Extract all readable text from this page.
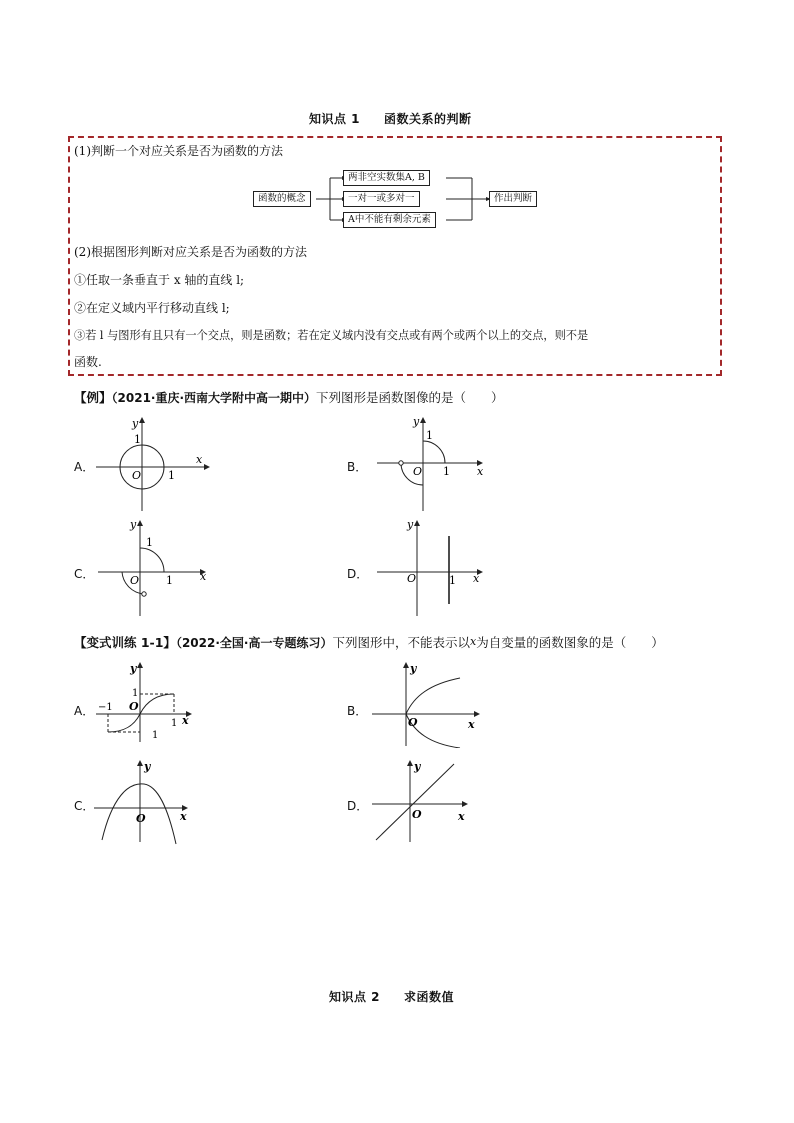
知识点 1 函数关系的判断
(1)判断一个对应关系是否为函数的方法
函数的概念
两非空实数集A, B
一对一或多对一
A中不能有剩余元素
作出判断
(2)根据图形判断对应关系是否为函数的方法
①任取一条垂直于 x 轴的直线 l;
②在定义域内平行移动直线 l;
③若 l 与图形有且只有一个交点，则是函数；若在定义域内没有交点或有两个或两个以上的交点，则不是
函数.
【例】（2021·重庆·西南大学附中高一期中）下列图形是函数图像的是（　　）
A．	B．
C．	D．
x
y
O 1
1
x
y
O 1
1
x
y
O 1
1
x
y
O	1
【变式训练 1-1】（2022·全国·高一专题练习）下列图形中，不能表示以x为自变量的函数图象的是（　　）
A．	B．
C．	D．
x
y
O
−1
1
1
1
x
y
O
x
y
O	x
y
O
知识点 2 求函数值
